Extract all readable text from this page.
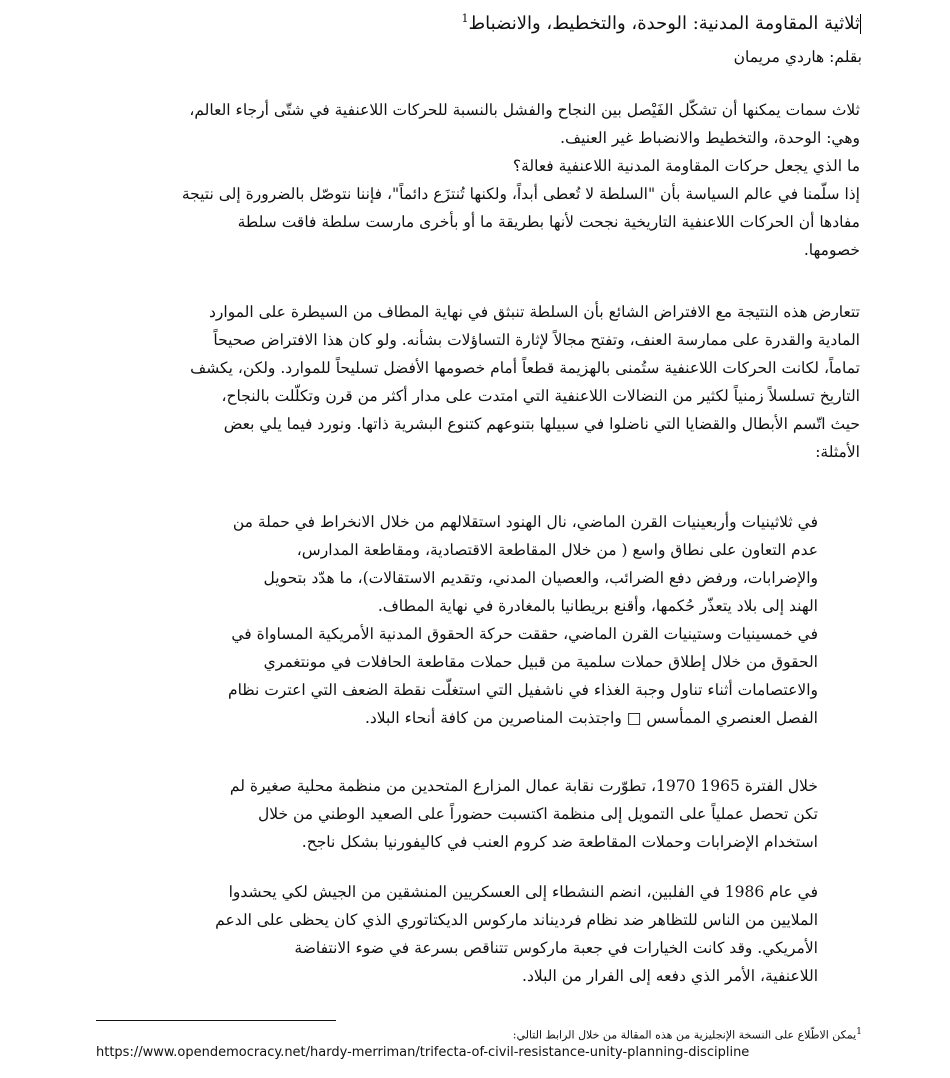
ثلاثية المقاومة المدنية: الوحدة، والتخطيط، والانضباط$^1$
بقلم: هاردي مريمان

ثلاث سمات يمكنها أن تشكّل الفَيْصل بين النجاح والفشل بالنسبة للحركات اللاعنفية في شتّى أرجاء العالم،
وهي: الوحدة، والتخطيط والانضباط غير العنيف.
ما الذي يجعل حركات المقاومة المدنية اللاعنفية فعالة؟
إذا سلّمنا في عالم السياسة بأن "السلطة لا تُعطى أبداً، ولكنها تُنتزَع دائماً"، فإننا نتوصّل بالضرورة إلى نتيجة
مفادها أن الحركات اللاعنفية التاريخية نجحت لأنها بطريقة ما أو بأخرى مارست سلطة فاقت سلطة
خصومها.

تتعارض هذه النتيجة مع الافتراض الشائع بأن السلطة تنبثق في نهاية المطاف من السيطرة على الموارد
المادية والقدرة على ممارسة العنف، وتفتح مجالاً لإثارة التساؤلات بشأنه. ولو كان هذا الافتراض صحيحاً
تماماً، لكانت الحركات اللاعنفية ستُمنى بالهزيمة قطعاً أمام خصومها الأفضل تسليحاً للموارد. ولكن، يكشف
التاريخ تسلسلاً زمنياً لكثير من النضالات اللاعنفية التي امتدت على مدار أكثر من قرن وتكلّلت بالنجاح،
حيث اتّسم الأبطال والقضايا التي ناضلوا في سبيلها بتنوعهم كتنوع البشرية ذاتها. ونورد فيما يلي بعض
الأمثلة:

في ثلاثينيات وأربعينيات القرن الماضي، نال الهنود استقلالهم من خلال الانخراط في حملة من
عدم التعاون على نطاق واسع ( من خلال المقاطعة الاقتصادية، ومقاطعة المدارس،
والإضرابات، ورفض دفع الضرائب، والعصيان المدني، وتقديم الاستقالات)، ما هدّد بتحويل
الهند إلى بلاد يتعذّر حُكمها، وأقنع بريطانيا بالمغادرة في نهاية المطاف.
في خمسينيات وستينيات القرن الماضي، حققت حركة الحقوق المدنية الأمريكية المساواة في
الحقوق من خلال إطلاق حملات سلمية من قبيل حملات مقاطعة الحافلات في مونتغمري
والاعتصامات أثناء تناول وجبة الغذاء في ناشفيل التي استغلّت نقطة الضعف التي اعترت نظام
الفصل العنصري الممأسس □ واجتذبت المناصرين من كافة أنحاء البلاد.

خلال الفترة 1965 1970، تطوّرت نقابة عمال المزارع المتحدين من منظمة محلية صغيرة لم
تكن تحصل عملياً على التمويل إلى منظمة اكتسبت حضوراً على الصعيد الوطني من خلال
استخدام الإضرابات وحملات المقاطعة ضد كروم العنب في كاليفورنيا بشكل ناجح.

في عام 1986 في الفلبين، انضم النشطاء إلى العسكريين المنشقين من الجيش لكي يحشدوا
الملايين من الناس للتظاهر ضد نظام فرديناند ماركوس الديكتاتوري الذي كان يحظى على الدعم
الأمريكي. وقد كانت الخيارات في جعبة ماركوس تتناقص بسرعة في ضوء الانتفاضة
اللاعنفية، الأمر الذي دفعه إلى الفرار من البلاد.

$^1$يمكن الاطّلاع على النسخة الإنجليزية من هذه المقالة من خلال الرابط التالي:
https://www.opendemocracy.net/hardy-merriman/trifecta-of-civil-resistance-unity-planning-discipline
